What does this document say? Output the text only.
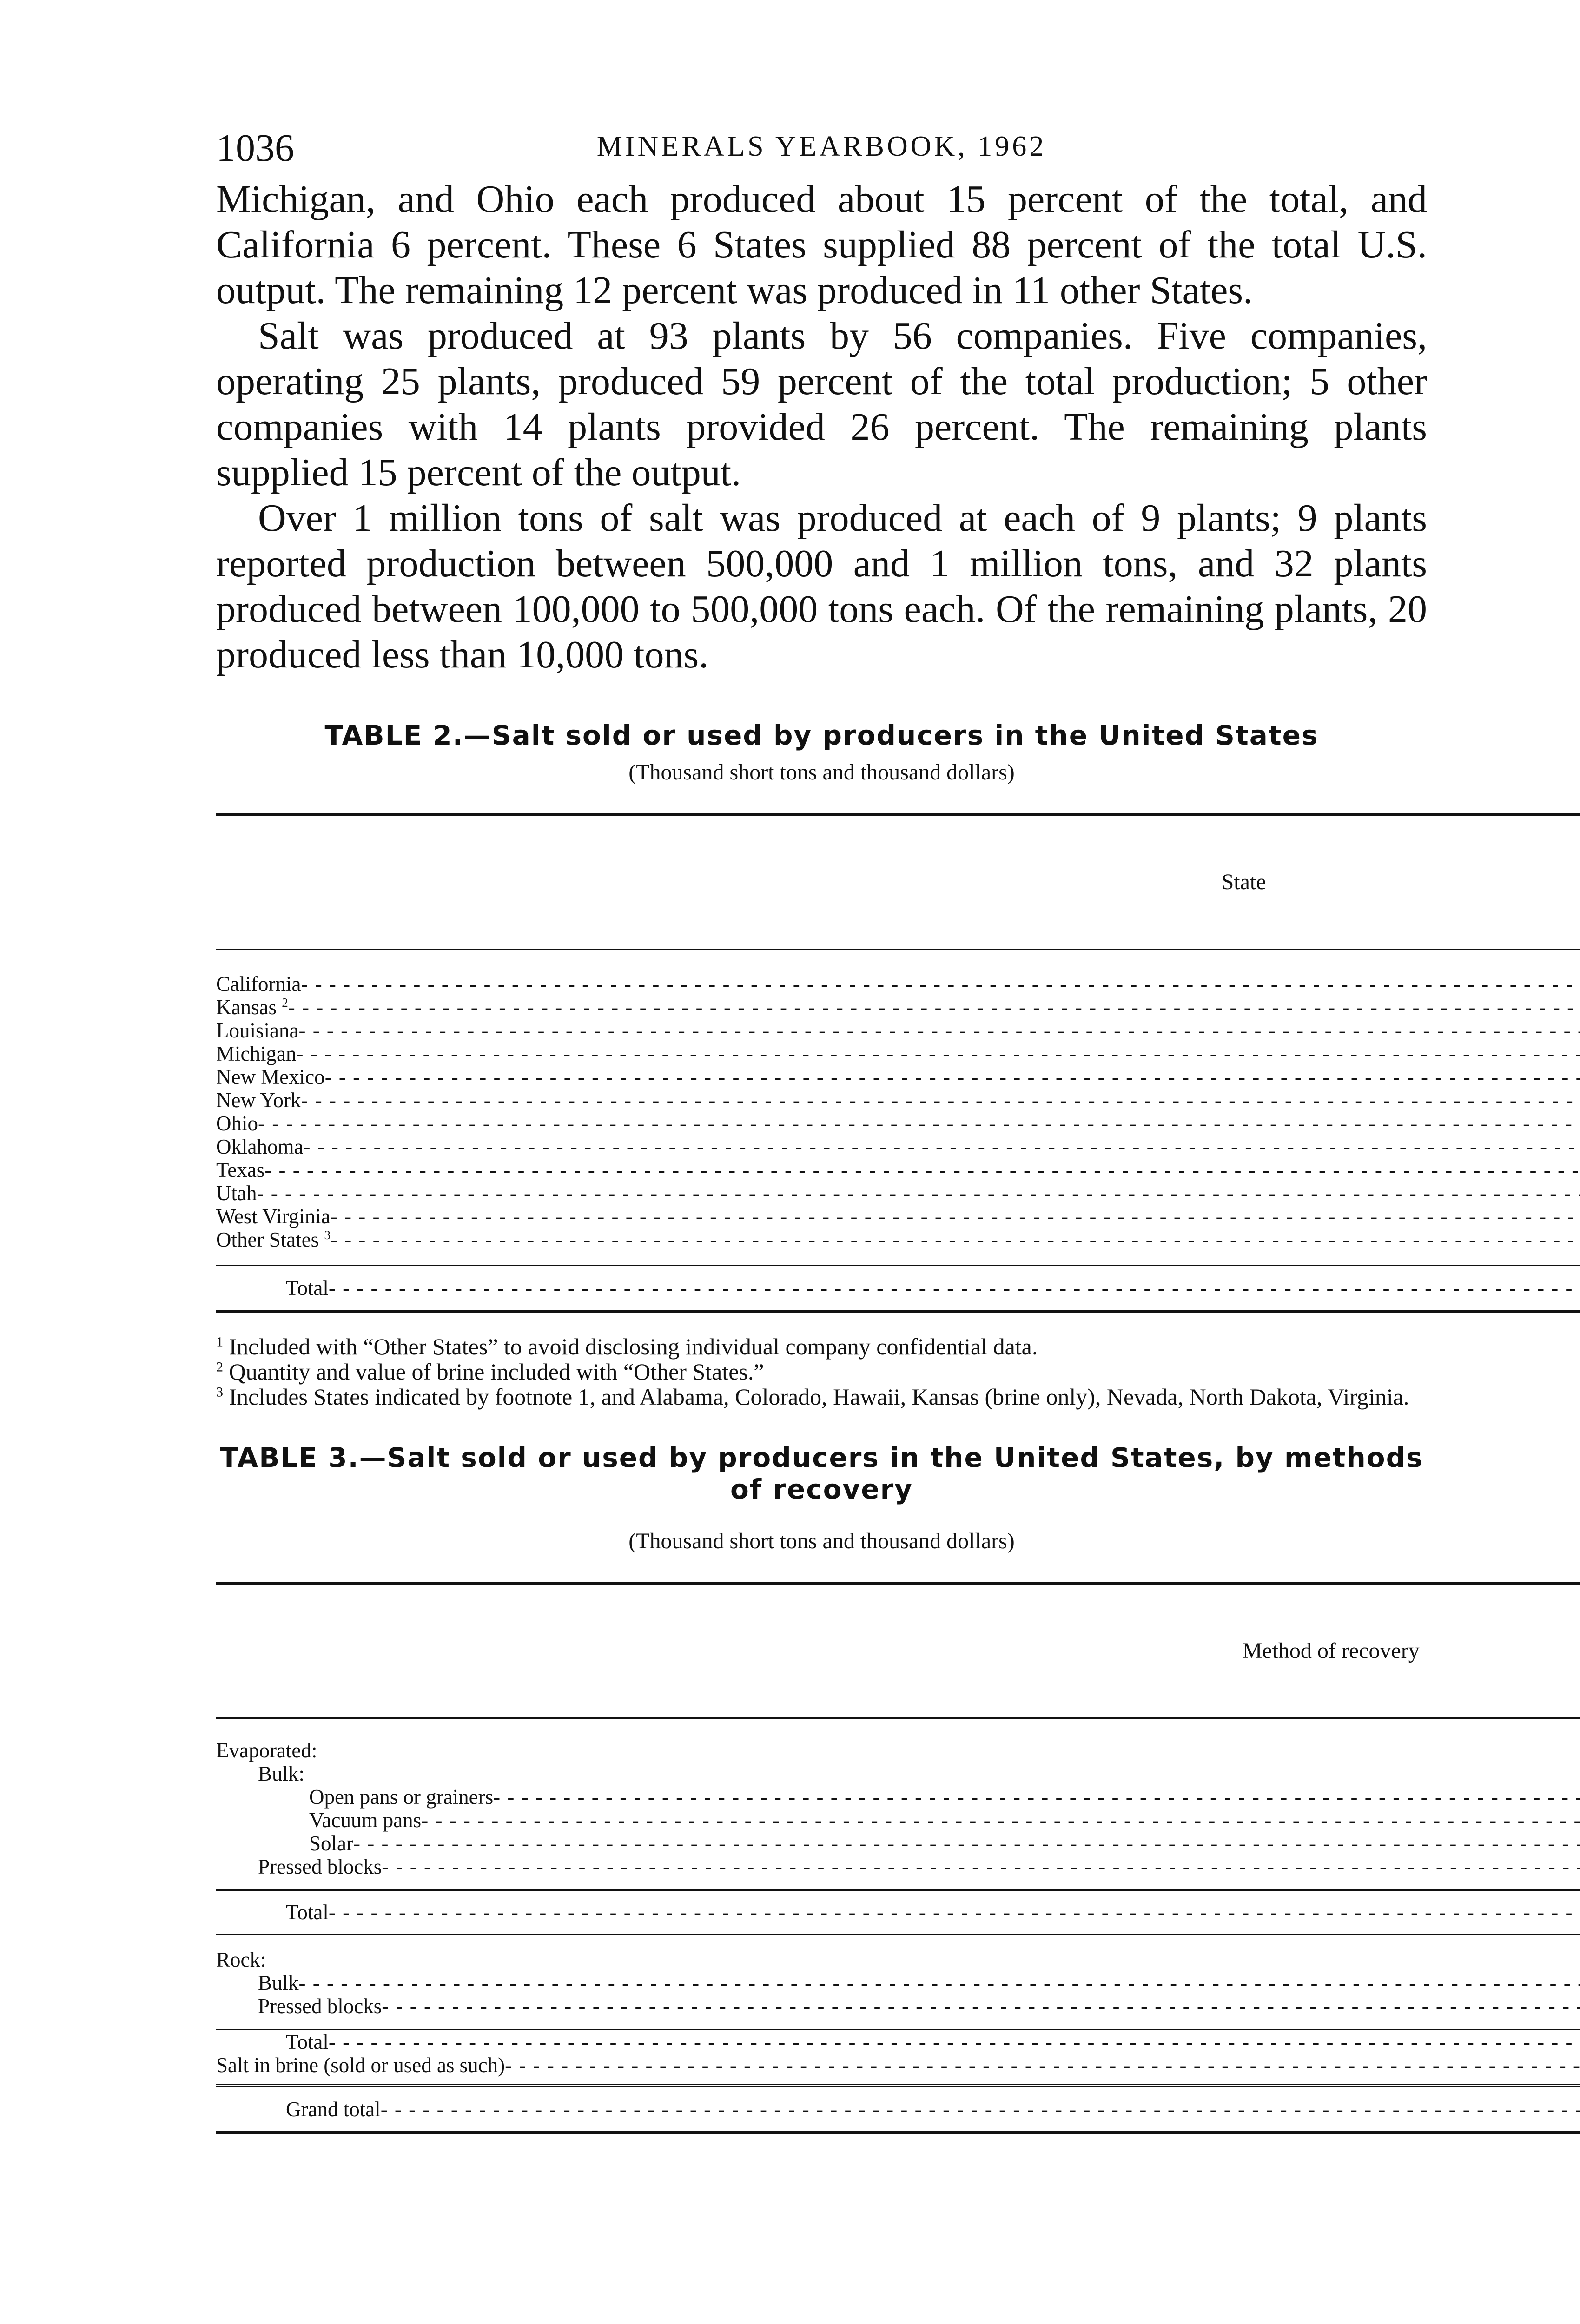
1036	MINERALS YEARBOOK, 1962

Michigan, and Ohio each produced about 15 percent of the total, and California 6 percent. These 6 States supplied 88 percent of the total U.S. output. The remaining 12 percent was produced in 11 other States.

Salt was produced at 93 plants by 56 companies. Five companies, operating 25 plants, produced 59 percent of the total production; 5 other companies with 14 plants provided 26 percent. The remaining plants supplied 15 percent of the output.

Over 1 million tons of salt was produced at each of 9 plants; 9 plants reported production between 500,000 and 1 million tons, and 32 plants produced between 100,000 to 500,000 tons each. Of the remaining plants, 20 produced less than 10,000 tons.

TABLE 2.—Salt sold or used by producers in the United States

(Thousand short tons and thousand dollars)

State		

California
- - -

Kansas $^2$
- - -

Louisiana
- - -

Michigan
- - -

New Mexico
- - -

New York
- - -

Ohio
- - -

Oklahoma
- - -

Texas
- - -

Utah
- - -

West Virginia
- - -

Other States $^3$
- - -

Total
- - -

$^1$ Included with “Other States” to avoid disclosing individual company confidential data.

$^2$ Quantity and value of brine included with “Other States.”

$^3$ Includes States indicated by footnote 1, and Alabama, Colorado, Hawaii, Kansas (brine only), Nevada, North Dakota, Virginia.

TABLE 3.—Salt sold or used by producers in the United States, by methods
of recovery

(Thousand short tons and thousand dollars)

Method of recovery		

Evaporated:				
Bulk:				

Open pans or grainers
- - -

Vacuum pans
- - -

Solar
- - -

Pressed blocks
- - -

Total
- - -

Rock:				

Bulk
- - -

Pressed blocks
- - -

Total
- - -

Salt in brine (sold or used as such)
- - -

Grand total
- - -
